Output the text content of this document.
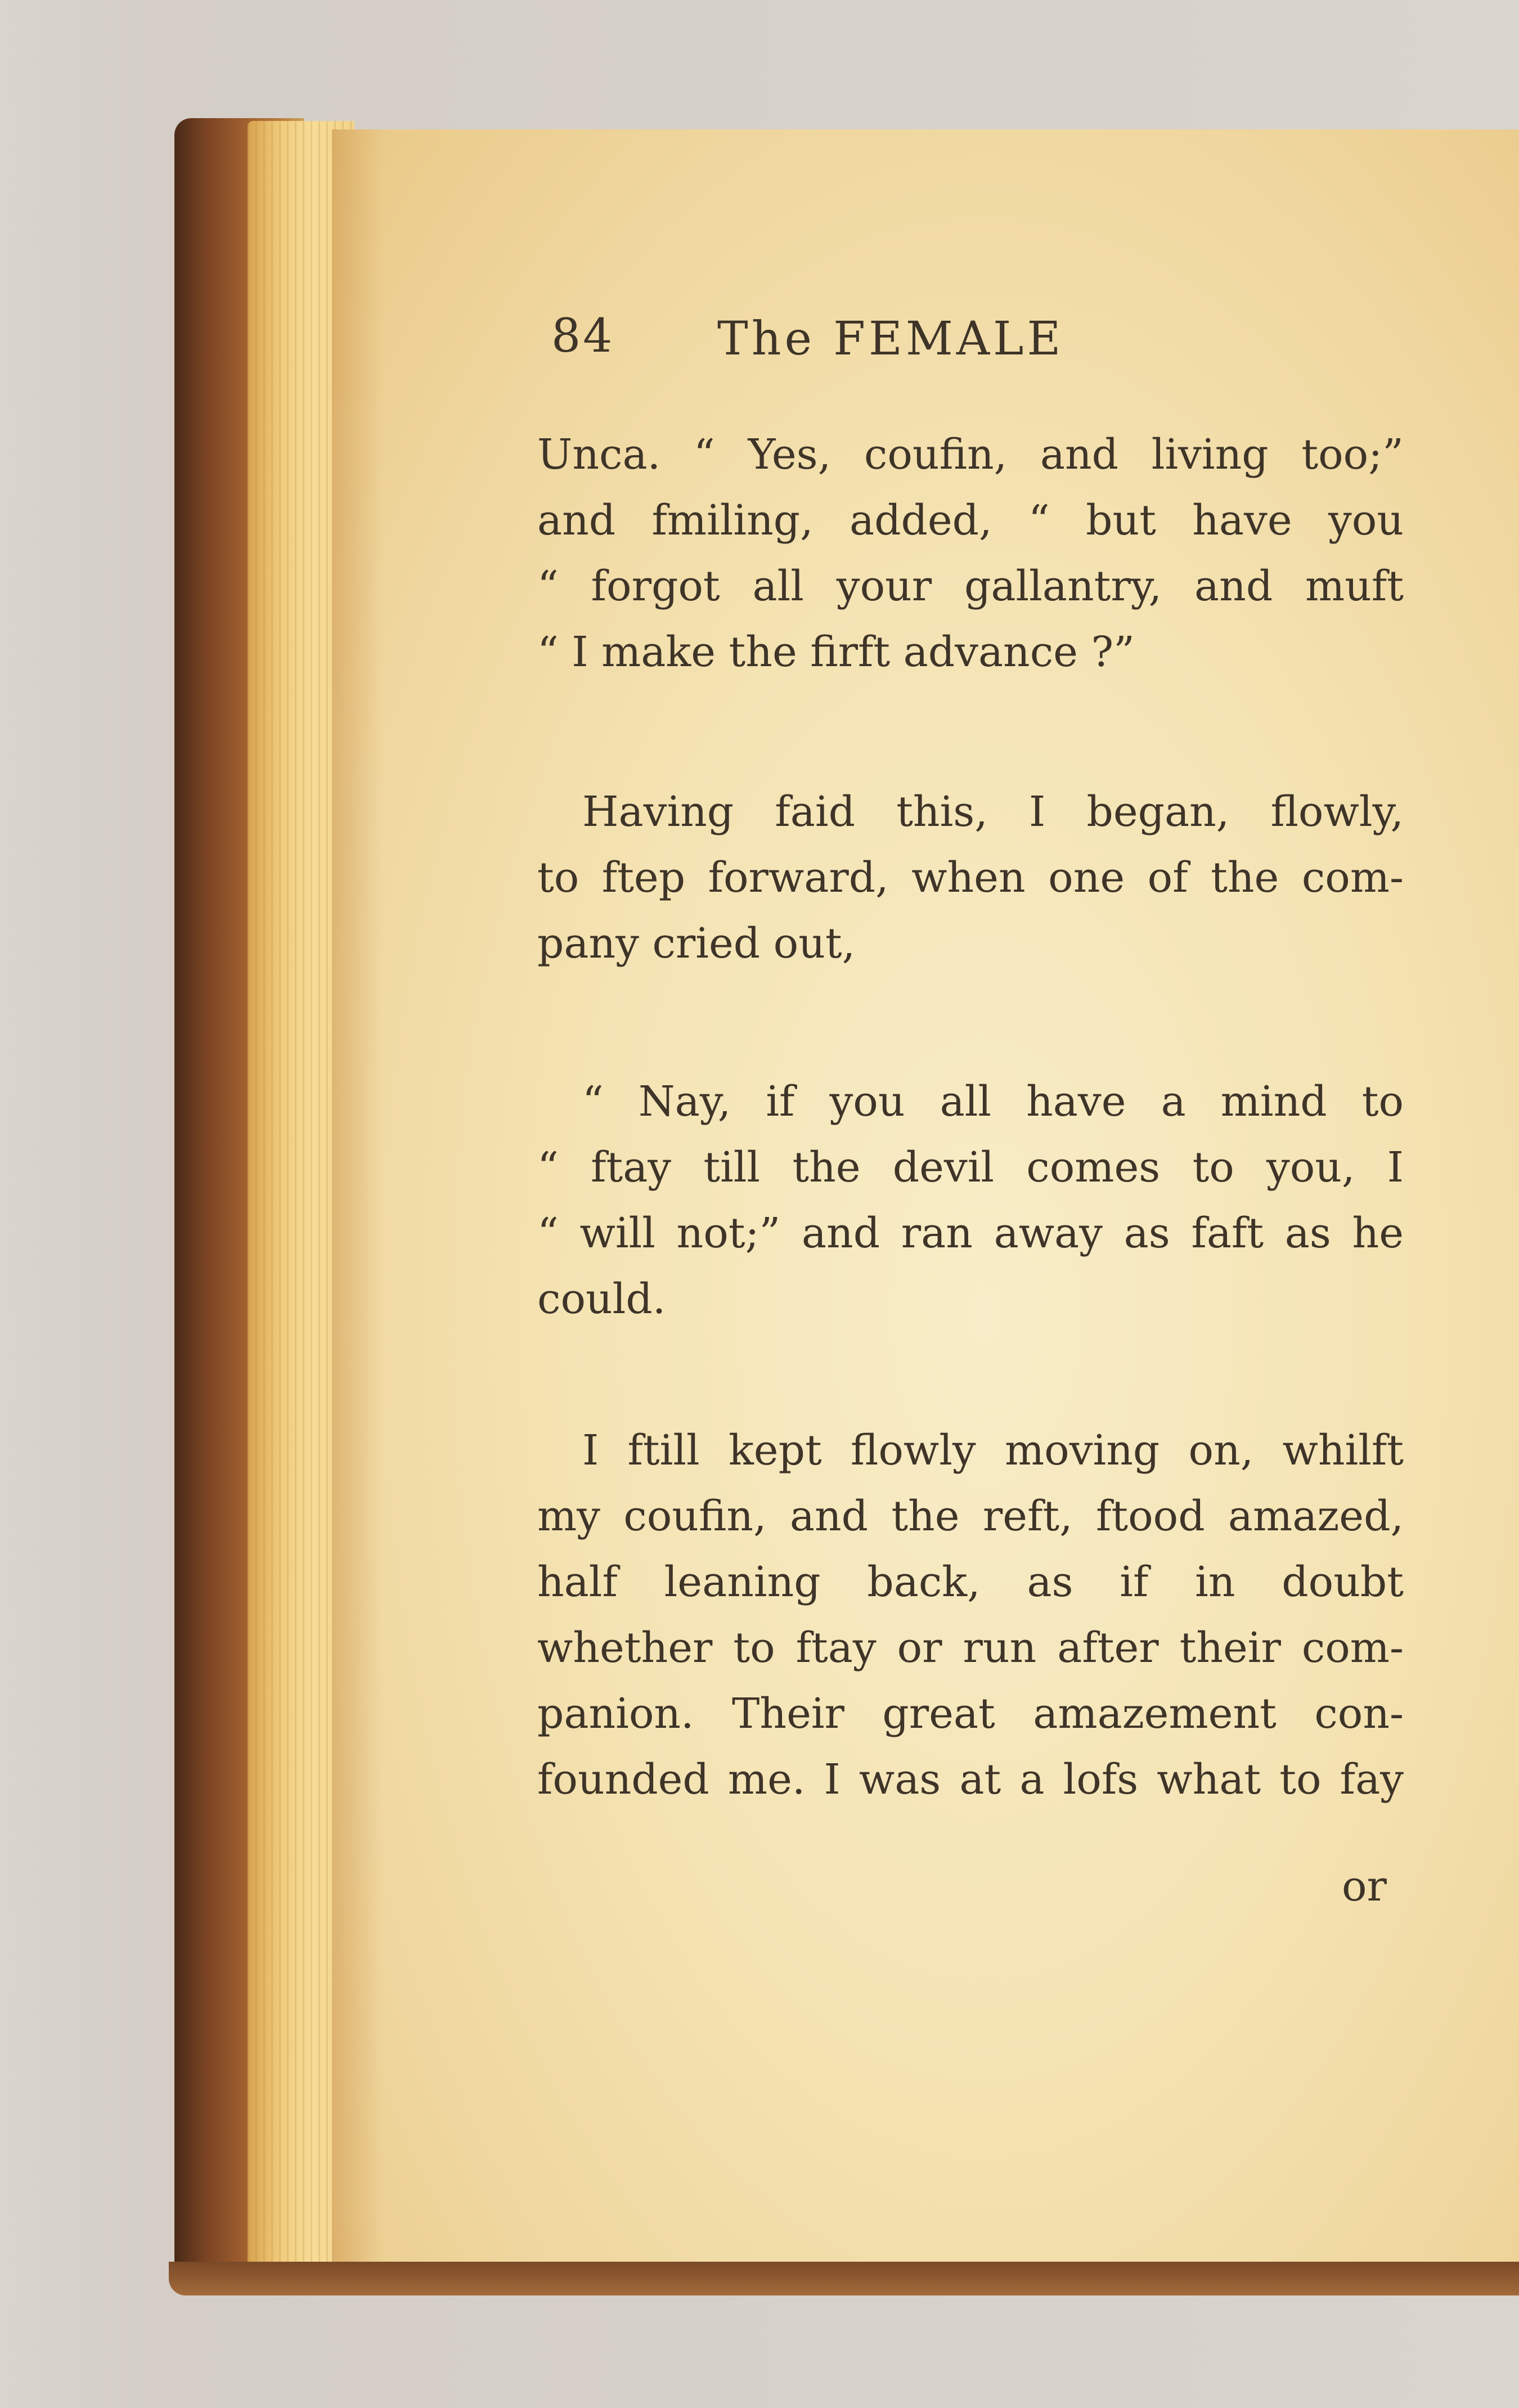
84 The FEMALE
Unca. “ Yes, coufin, and living too;”
and fmiling, added, “ but have you
“ forgot all your gallantry, and muft
“ I make the firft advance ?”
Having faid this, I began, flowly,
to ftep forward, when one of the com-
pany cried out,
“ Nay, if you all have a mind to
“ ftay till the devil comes to you, I
“ will not;” and ran away as faft as he
could.
I ftill kept flowly moving on, whilft
my coufin, and the reft, ftood amazed,
half leaning back, as if in doubt
whether to ftay or run after their com-
panion. Their great amazement con-
founded me. I was at a lofs what to fay
or
